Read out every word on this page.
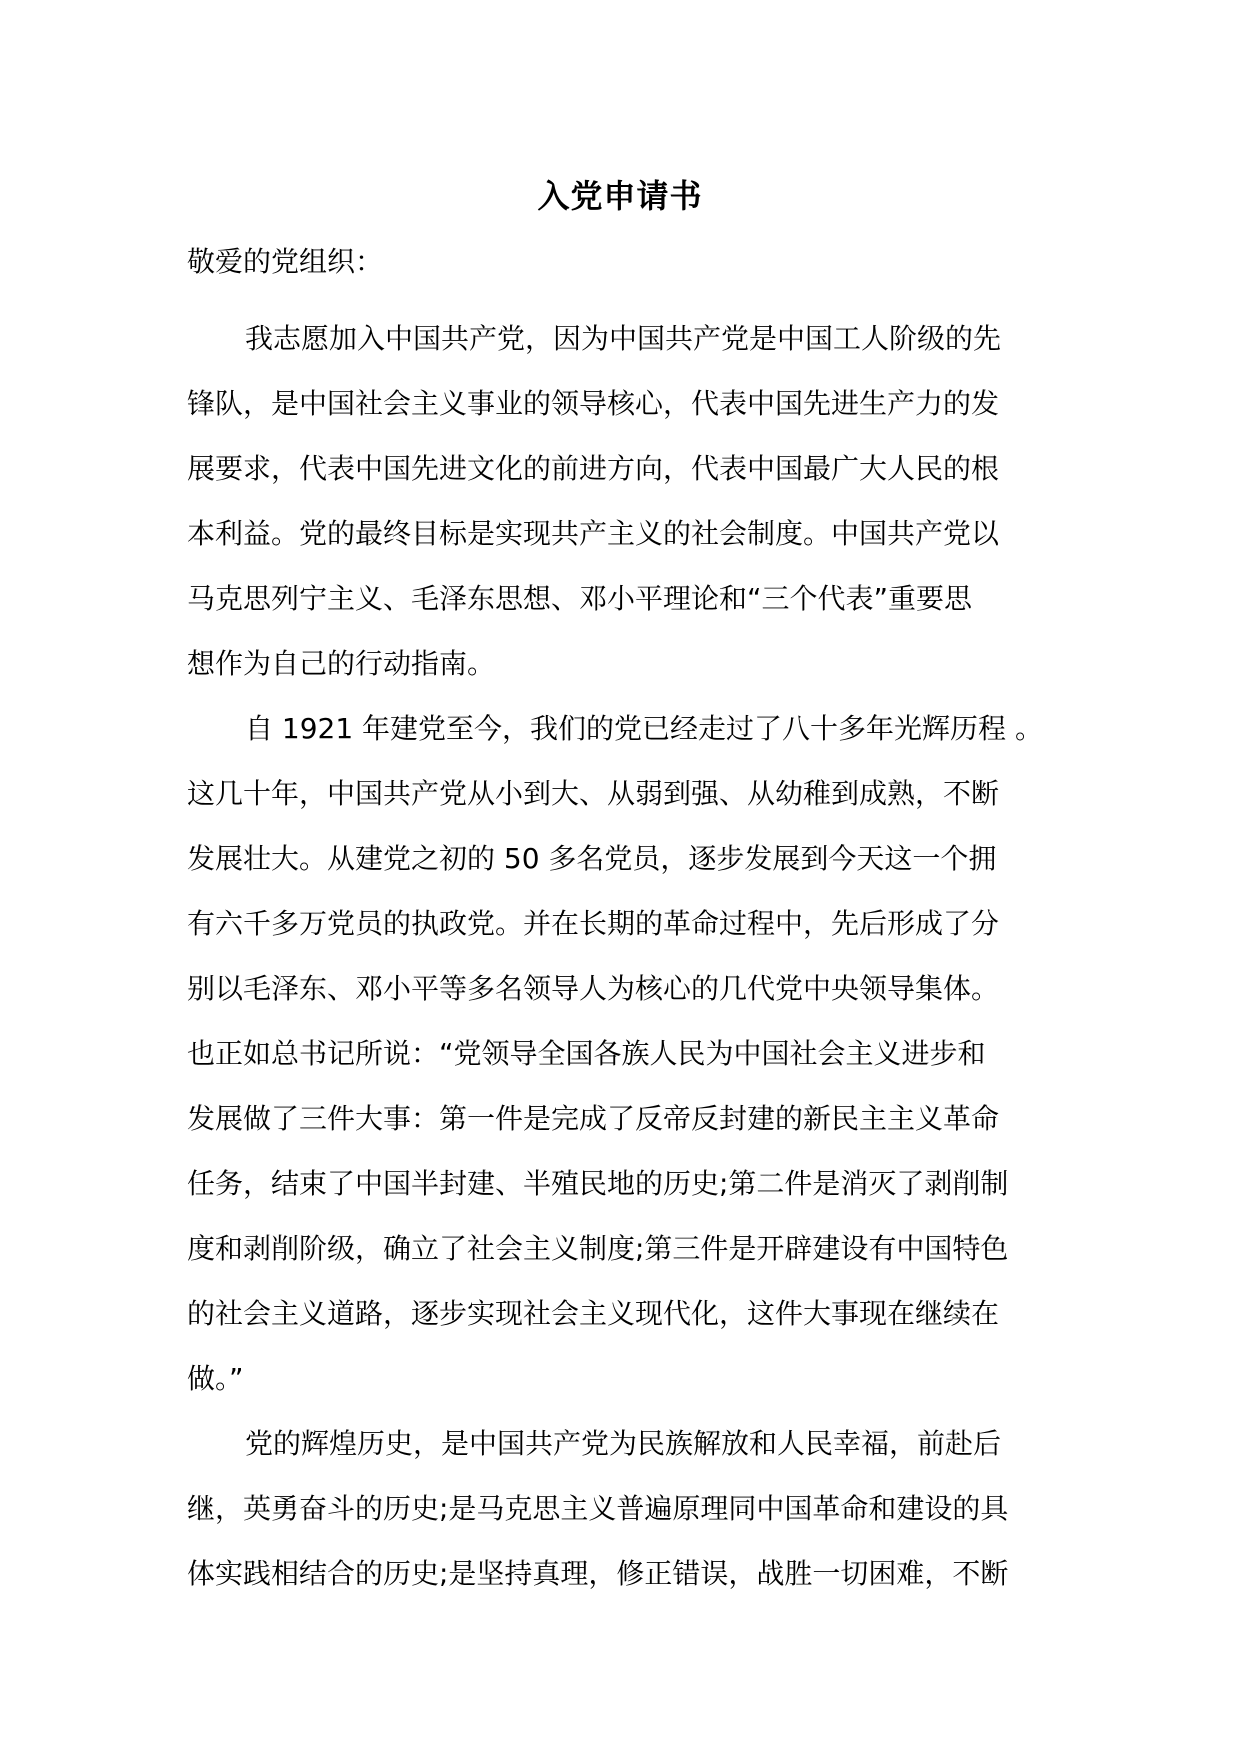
入党申请书
敬爱的党组织：
我志愿加入中国共产党，因为中国共产党是中国工人阶级的先
锋队，是中国社会主义事业的领导核心，代表中国先进生产力的发
展要求，代表中国先进文化的前进方向，代表中国最广大人民的根
本利益。党的最终目标是实现共产主义的社会制度。中国共产党以
马克思列宁主义、毛泽东思想、邓小平理论和“三个代表”重要思
想作为自己的行动指南。
自 1921 年建党至今，我们的党已经走过了八十多年光辉历程 。
这几十年，中国共产党从小到大、从弱到强、从幼稚到成熟，不断
发展壮大。从建党之初的 50 多名党员，逐步发展到今天这一个拥
有六千多万党员的执政党。并在长期的革命过程中，先后形成了分
别以毛泽东、邓小平等多名领导人为核心的几代党中央领导集体。
也正如总书记所说：“党领导全国各族人民为中国社会主义进步和
发展做了三件大事：第一件是完成了反帝反封建的新民主主义革命
任务，结束了中国半封建、半殖民地的历史;第二件是消灭了剥削制
度和剥削阶级，确立了社会主义制度;第三件是开辟建设有中国特色
的社会主义道路，逐步实现社会主义现代化，这件大事现在继续在
做。”
党的辉煌历史，是中国共产党为民族解放和人民幸福，前赴后
继，英勇奋斗的历史;是马克思主义普遍原理同中国革命和建设的具
体实践相结合的历史;是坚持真理，修正错误，战胜一切困难，不断
